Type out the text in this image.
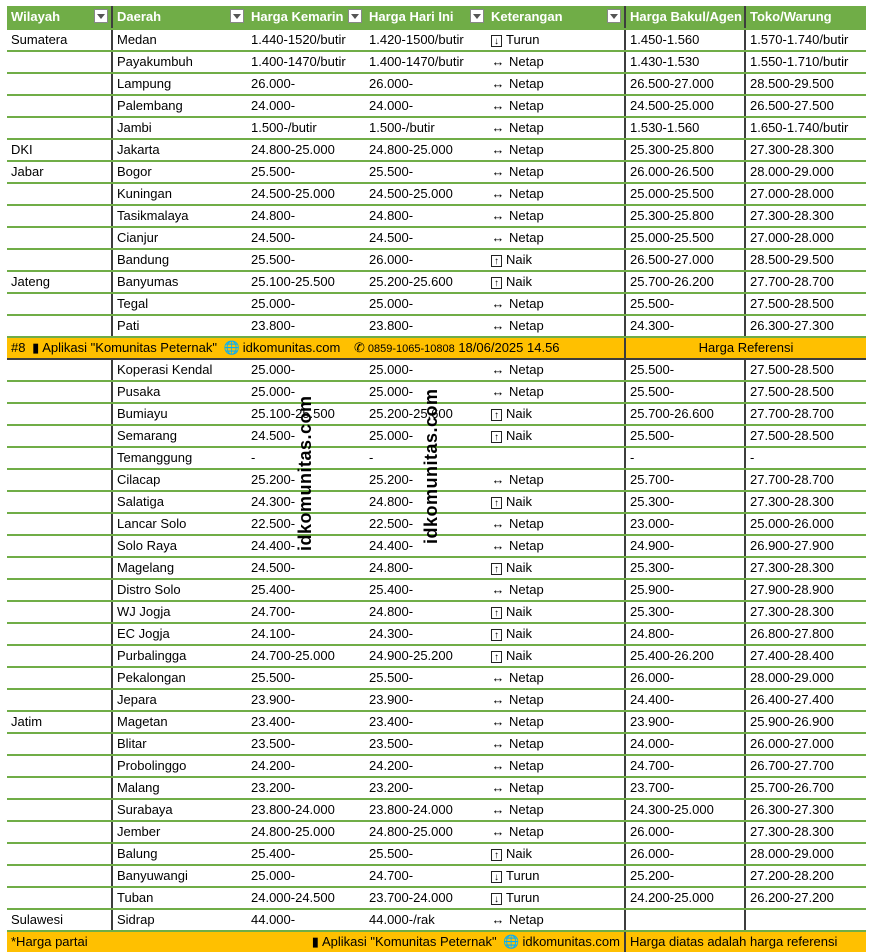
Wilayah	Daerah	Harga Kemarin	Harga Hari Ini	Keterangan	Harga Bakul/Agen	Toko/Warung
Sumatera	Medan	1.440-1520/butir	1.420-1500/butir	↓ Turun	1.450-1.560	1.570-1.740/butir
	Payakumbuh	1.400-1470/butir	1.400-1470/butir	↔ Netap	1.430-1.530	1.550-1.710/butir
	Lampung	26.000-	26.000-	↔ Netap	26.500-27.000	28.500-29.500
	Palembang	24.000-	24.000-	↔ Netap	24.500-25.000	26.500-27.500
	Jambi	1.500-/butir	1.500-/butir	↔ Netap	1.530-1.560	1.650-1.740/butir
DKI	Jakarta	24.800-25.000	24.800-25.000	↔ Netap	25.300-25.800	27.300-28.300
Jabar	Bogor	25.500-	25.500-	↔ Netap	26.000-26.500	28.000-29.000
	Kuningan	24.500-25.000	24.500-25.000	↔ Netap	25.000-25.500	27.000-28.000
	Tasikmalaya	24.800-	24.800-	↔ Netap	25.300-25.800	27.300-28.300
	Cianjur	24.500-	24.500-	↔ Netap	25.000-25.500	27.000-28.000
	Bandung	25.500-	26.000-	↑ Naik	26.500-27.000	28.500-29.500
Jateng	Banyumas	25.100-25.500	25.200-25.600	↑ Naik	25.700-26.200	27.700-28.700
	Tegal	25.000-	25.000-	↔ Netap	25.500-	27.500-28.500
	Pati	23.800-	23.800-	↔ Netap	24.300-	26.300-27.300
#8 ▮ Aplikasi "Komunitas Peternak" 🌐 idkomunitas.com ✆ 0859-1065-10808 18/06/2025 14.56					Harga Referensi	
	Koperasi Kendal	25.000-	25.000-	↔ Netap	25.500-	27.500-28.500
	Pusaka	25.000-	25.000-	↔ Netap	25.500-	27.500-28.500
	Bumiayu	25.100-25.500	25.200-25.600	↑ Naik	25.700-26.600	27.700-28.700
	Semarang	24.500-	25.000-	↑ Naik	25.500-	27.500-28.500
	Temanggung	-	-		-	-
	Cilacap	25.200-	25.200-	↔ Netap	25.700-	27.700-28.700
	Salatiga	24.300-	24.800-	↑ Naik	25.300-	27.300-28.300
	Lancar Solo	22.500-	22.500-	↔ Netap	23.000-	25.000-26.000
	Solo Raya	24.400-	24.400-	↔ Netap	24.900-	26.900-27.900
	Magelang	24.500-	24.800-	↑ Naik	25.300-	27.300-28.300
	Distro Solo	25.400-	25.400-	↔ Netap	25.900-	27.900-28.900
	WJ Jogja	24.700-	24.800-	↑ Naik	25.300-	27.300-28.300
	EC Jogja	24.100-	24.300-	↑ Naik	24.800-	26.800-27.800
	Purbalingga	24.700-25.000	24.900-25.200	↑ Naik	25.400-26.200	27.400-28.400
	Pekalongan	25.500-	25.500-	↔ Netap	26.000-	28.000-29.000
	Jepara	23.900-	23.900-	↔ Netap	24.400-	26.400-27.400
Jatim	Magetan	23.400-	23.400-	↔ Netap	23.900-	25.900-26.900
	Blitar	23.500-	23.500-	↔ Netap	24.000-	26.000-27.000
	Probolinggo	24.200-	24.200-	↔ Netap	24.700-	26.700-27.700
	Malang	23.200-	23.200-	↔ Netap	23.700-	25.700-26.700
	Surabaya	23.800-24.000	23.800-24.000	↔ Netap	24.300-25.000	26.300-27.300
	Jember	24.800-25.000	24.800-25.000	↔ Netap	26.000-	27.300-28.300
	Balung	25.400-	25.500-	↑ Naik	26.000-	28.000-29.000
	Banyuwangi	25.000-	24.700-	↓ Turun	25.200-	27.200-28.200
	Tuban	24.000-24.500	23.700-24.000	↓ Turun	24.200-25.000	26.200-27.200
Sulawesi	Sidrap	44.000-	44.000-/rak	↔ Netap		
*Harga partai		▮ Aplikasi "Komunitas Peternak" 🌐 idkomunitas.com			Harga diatas adalah harga referensi	
idkomunitas.com	idkomunitas.com
